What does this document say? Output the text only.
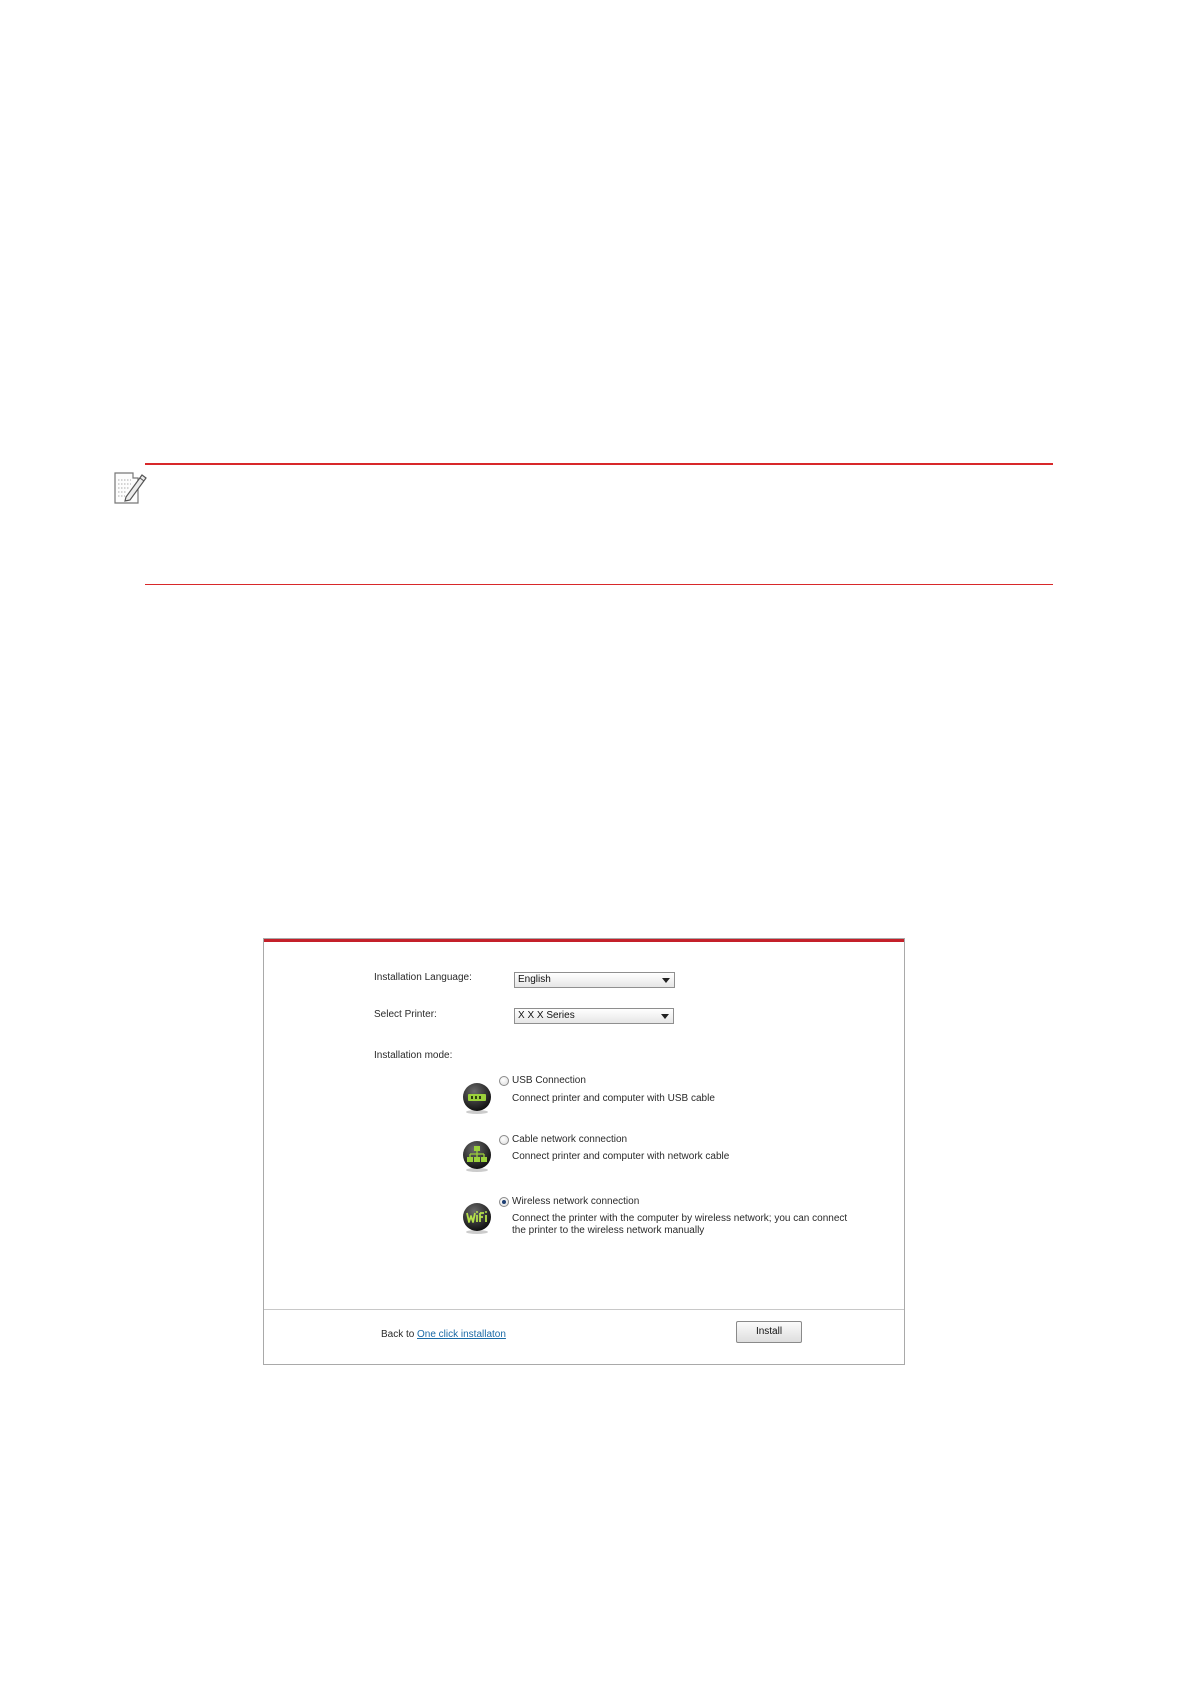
Installation Language:	English
Select Printer:	X X X Series
Installation mode:
USB Connection
Connect printer and computer with USB cable
Cable network connection
Connect printer and computer with network cable
Wireless network connection
Connect the printer with the computer by wireless network; you can connect
the printer to the wireless network manually
Back to One click installaton	Install
